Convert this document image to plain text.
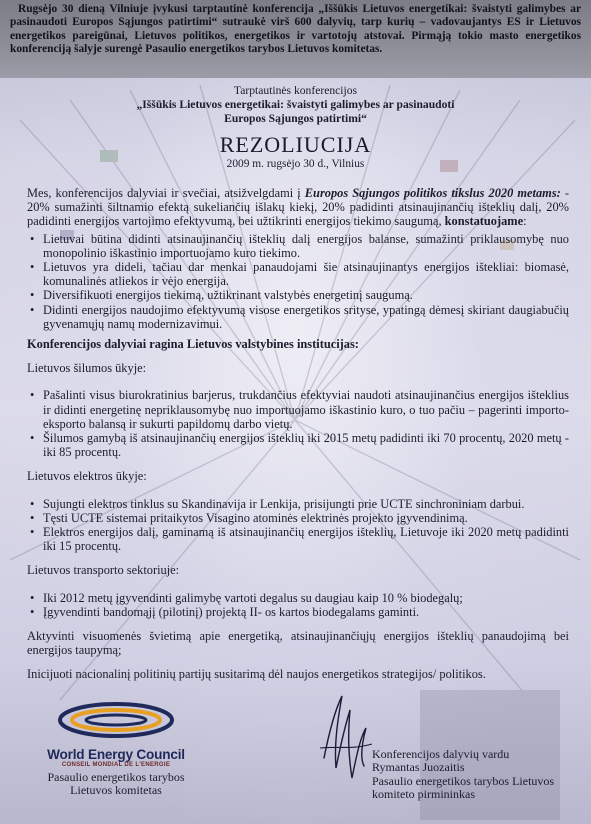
Rugsėjo 30 dieną Vilniuje įvykusi tarptautinė konferencija „Iššūkis Lietuvos energetikai: švaistyti galimybes ar pasinaudoti Europos Sąjungos patirtimi“ sutraukė virš 600 dalyvių, tarp kurių – vadovaujantys ES ir Lietuvos energetikos pareigūnai, Lietuvos politikos, energetikos ir vartotojų atstovai. Pirmąją tokio masto energetikos konferenciją šalyje surengė Pasaulio energetikos tarybos Lietuvos komitetas.

Tarptautinės konferencijos
„Iššūkis Lietuvos energetikai: švaistyti galimybes ar pasinaudoti
Europos Sąjungos patirtimi“
REZOLIUCIJA
2009 m. rugsėjo 30 d., Vilnius

Mes, konferencijos dalyviai ir svečiai, atsižvelgdami į Europos Sąjungos politikos tikslus 2020 metams: - 20% sumažinti šiltnamio efektą sukeliančių išlakų kiekį, 20% padidinti atsinaujinančių išteklių dalį, 20% padidinti energijos vartojimo efektyvumą, bei užtikrinti energijos tiekimo saugumą, konstatuojame:

• Lietuvai būtina didinti atsinaujinančių išteklių dalį energijos balanse, sumažinti priklausomybę nuo monopolinio iškastinio importuojamo kuro tiekimo.
• Lietuvos yra dideli, tačiau dar menkai panaudojami šie atsinaujinantys energijos ištekliai: biomasė, komunalinės atliekos ir vėjo energija.
• Diversifikuoti energijos tiekimą, užtikrinant valstybės energetinį saugumą.
• Didinti energijos naudojimo efektyvumą visose energetikos srityse, ypatingą dėmesį skiriant daugiabučių gyvenamųjų namų modernizavimui.

Konferencijos dalyviai ragina Lietuvos valstybines institucijas:

Lietuvos šilumos ūkyje:

• Pašalinti visus biurokratinius barjerus, trukdančius efektyviai naudoti atsinaujinančius energijos išteklius ir didinti energetinę nepriklausomybę nuo importuojamo iškastinio kuro, o tuo pačiu – pagerinti importo-eksporto balansą ir sukurti papildomų darbo vietų.
• Šilumos gamybą iš atsinaujinančių energijos išteklių iki 2015 metų padidinti iki 70 procentų, 2020 metų - iki 85 procentų.

Lietuvos elektros ūkyje:

• Sujungti elektros tinklus su Skandinavija ir Lenkija, prisijungti prie UCTE sinchroniniam darbui.
• Tęsti UCTE sistemai pritaikytos Visagino atominės elektrinės projekto įgyvendinimą.
• Elektros energijos dalį, gaminamą iš atsinaujinančių energijos išteklių, Lietuvoje iki 2020 metų padidinti iki 15 procentų.

Lietuvos transporto sektoriuje:

• Iki 2012 metų įgyvendinti galimybę vartoti degalus su daugiau kaip 10 % biodegalų;
• Įgyvendinti bandomąjį (pilotinį) projektą II- os kartos biodegalams gaminti.

Aktyvinti visuomenės švietimą apie energetiką, atsinaujinančiųjų energijos išteklių panaudojimą bei energijos taupymą;

Inicijuoti nacionalinį politinių partijų susitarimą dėl naujos energetikos strategijos/ politikos.

World Energy Council
CONSEIL MONDIAL DE L'ENERGIE
Pasaulio energetikos tarybos
Lietuvos komitetas
Konferencijos dalyvių vardu
Rymantas Juozaitis
Pasaulio energetikos tarybos Lietuvos
komiteto pirmininkas
